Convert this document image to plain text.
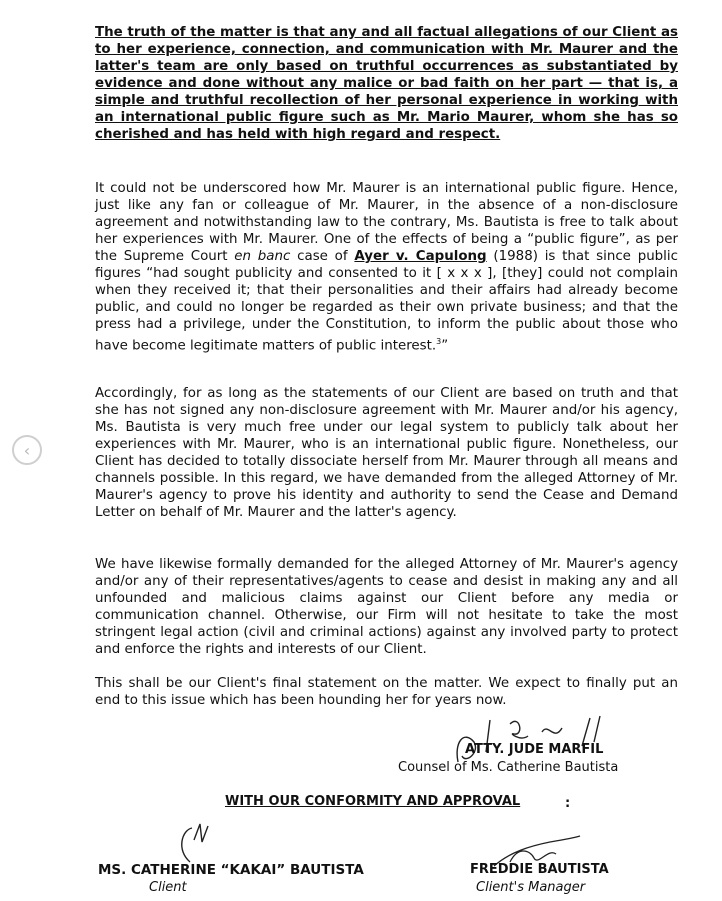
The truth of the matter is that any and all factual allegations of our Client as to her experience, connection, and communication with Mr. Maurer and the latter's team are only based on truthful occurrences as substantiated by evidence and done without any malice or bad faith on her part — that is, a simple and truthful recollection of her personal experience in working with an international public figure such as Mr. Mario Maurer, whom she has so cherished and has held with high regard and respect.

It could not be underscored how Mr. Maurer is an international public figure. Hence, just like any fan or colleague of Mr. Maurer, in the absence of a non-disclosure agreement and notwithstanding law to the contrary, Ms. Bautista is free to talk about her experiences with Mr. Maurer. One of the effects of being a “public figure”, as per the Supreme Court en banc case of Ayer v. Capulong (1988) is that since public figures “had sought publicity and consented to it [ x x x ], [they] could not complain when they received it; that their personalities and their affairs had already become public, and could no longer be regarded as their own private business; and that the press had a privilege, under the Constitution, to inform the public about those who have become legitimate matters of public interest.$^3$”

Accordingly, for as long as the statements of our Client are based on truth and that she has not signed any non-disclosure agreement with Mr. Maurer and/or his agency, Ms. Bautista is very much free under our legal system to publicly talk about her experiences with Mr. Maurer, who is an international public figure. Nonetheless, our Client has decided to totally dissociate herself from Mr. Maurer through all means and channels possible. In this regard, we have demanded from the alleged Attorney of Mr. Maurer's agency to prove his identity and authority to send the Cease and Demand Letter on behalf of Mr. Maurer and the latter's agency.

We have likewise formally demanded for the alleged Attorney of Mr. Maurer's agency and/or any of their representatives/agents to cease and desist in making any and all unfounded and malicious claims against our Client before any media or communication channel. Otherwise, our Firm will not hesitate to take the most stringent legal action (civil and criminal actions) against any involved party to protect and enforce the rights and interests of our Client.

This shall be our Client's final statement on the matter. We expect to finally put an end to this issue which has been hounding her for years now.

ATTY. JUDE MARFIL
Counsel of Ms. Catherine Bautista
WITH OUR CONFORMITY AND APPROVAL	:
MS. CATHERINE “KAKAI” BAUTISTA
Client
FREDDIE BAUTISTA
Client's Manager
‹
